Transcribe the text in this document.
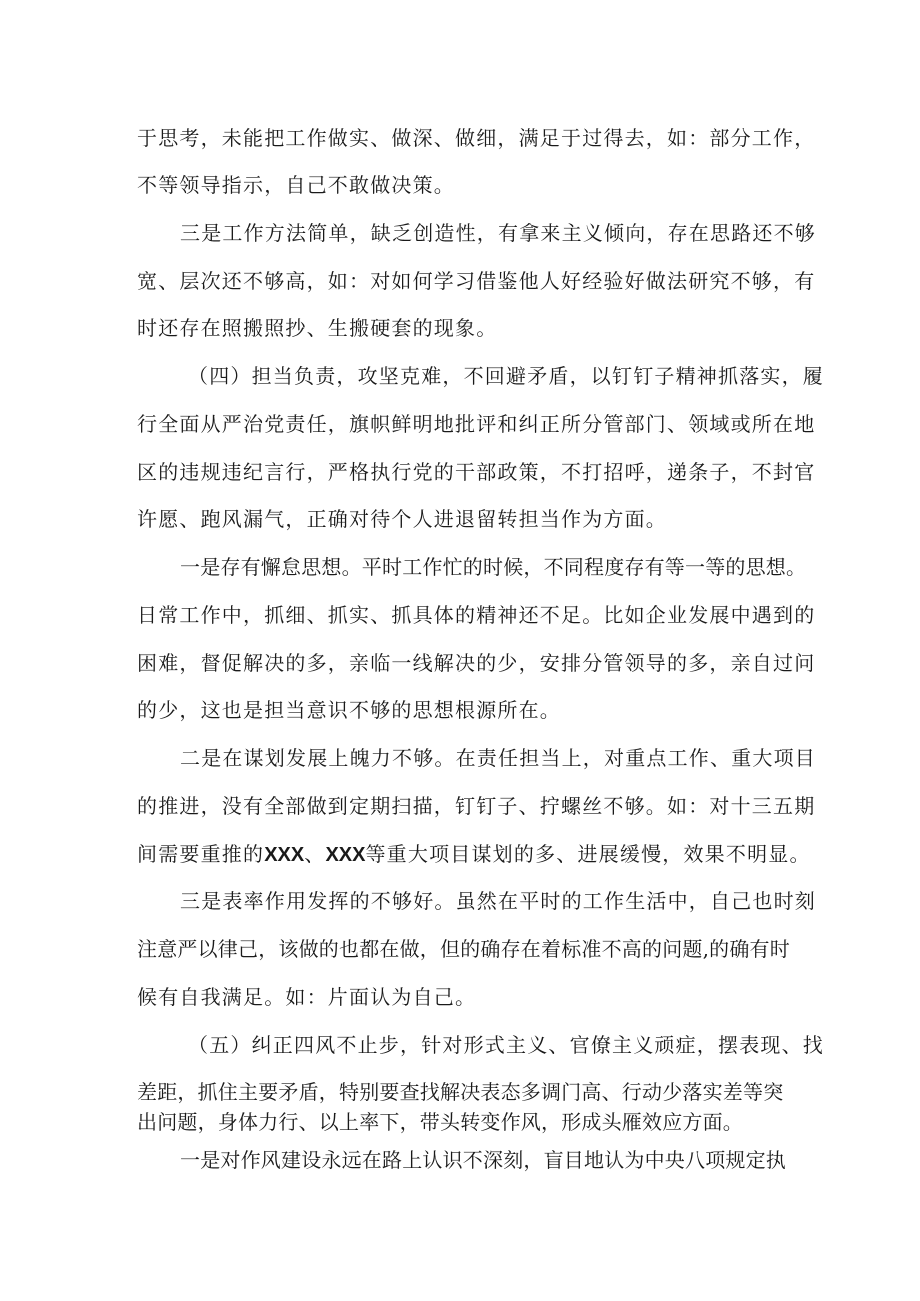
于思考，未能把工作做实、做深、做细，满足于过得去，如：部分工作，
不等领导指示，自己不敢做决策。
三是工作方法简单，缺乏创造性，有拿来主义倾向，存在思路还不够
宽、层次还不够高，如：对如何学习借鉴他人好经验好做法研究不够，有
时还存在照搬照抄、生搬硬套的现象。
（四）担当负责，攻坚克难，不回避矛盾，以钉钉子精神抓落实，履
行全面从严治党责任，旗帜鲜明地批评和纠正所分管部门、领域或所在地
区的违规违纪言行，严格执行党的干部政策，不打招呼，递条子，不封官
许愿、跑风漏气，正确对待个人进退留转担当作为方面。
一是存有懈怠思想。平时工作忙的时候，不同程度存有等一等的思想。
日常工作中，抓细、抓实、抓具体的精神还不足。比如企业发展中遇到的
困难，督促解决的多，亲临一线解决的少，安排分管领导的多，亲自过问
的少，这也是担当意识不够的思想根源所在。
二是在谋划发展上魄力不够。在责任担当上，对重点工作、重大项目
的推进，没有全部做到定期扫描，钉钉子、拧螺丝不够。如：对十三五期
间需要重推的XXX、XXX等重大项目谋划的多、进展缓慢，效果不明显。
三是表率作用发挥的不够好。虽然在平时的工作生活中，自己也时刻
注意严以律己，该做的也都在做，但的确存在着标准不高的问题,的确有时
候有自我满足。如：片面认为自己。
（五）纠正四风不止步，针对形式主义、官僚主义顽症，摆表现、找
差距，抓住主要矛盾，特别要查找解决表态多调门高、行动少落实差等突
出问题，身体力行、以上率下，带头转变作风，形成头雁效应方面。
一是对作风建设永远在路上认识不深刻，盲目地认为中央八项规定执
